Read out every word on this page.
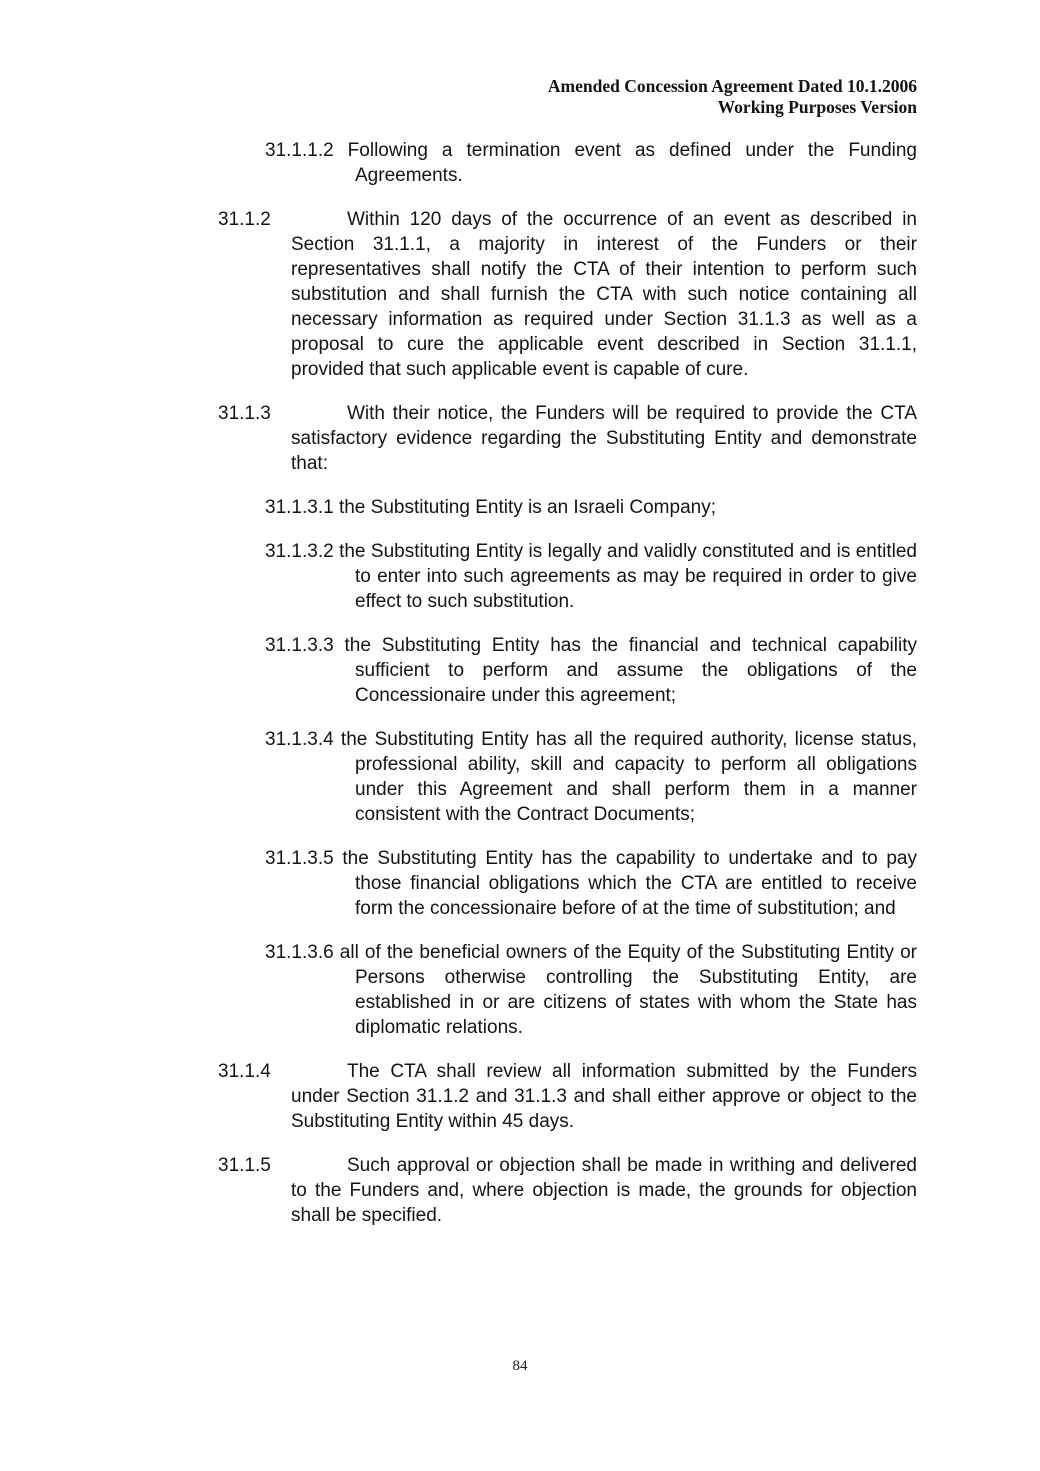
Amended Concession Agreement Dated 10.1.2006
Working Purposes Version
31.1.1.2 Following a termination event as defined under the Funding Agreements.
31.1.2	Within 120 days of the occurrence of an event as described in Section 31.1.1, a majority in interest of the Funders or their representatives shall notify the CTA of their intention to perform such substitution and shall furnish the CTA with such notice containing all necessary information as required under Section 31.1.3 as well as a proposal to cure the applicable event described in Section 31.1.1, provided that such applicable event is capable of cure.
31.1.3	With their notice, the Funders will be required to provide the CTA satisfactory evidence regarding the Substituting Entity and demonstrate that:
31.1.3.1 the Substituting Entity is an Israeli Company;
31.1.3.2 the Substituting Entity is legally and validly constituted and is entitled to enter into such agreements as may be required in order to give effect to such substitution.
31.1.3.3 the Substituting Entity has the financial and technical capability sufficient to perform and assume the obligations of the Concessionaire under this agreement;
31.1.3.4 the Substituting Entity has all the required authority, license status, professional ability, skill and capacity to perform all obligations under this Agreement and shall perform them in a manner consistent with the Contract Documents;
31.1.3.5 the Substituting Entity has the capability to undertake and to pay those financial obligations which the CTA are entitled to receive form the concessionaire before of at the time of substitution; and
31.1.3.6 all of the beneficial owners of the Equity of the Substituting Entity or Persons otherwise controlling the Substituting Entity, are established in or are citizens of states with whom the State has diplomatic relations.
31.1.4	The CTA shall review all information submitted by the Funders under Section 31.1.2 and 31.1.3 and shall either approve or object to the Substituting Entity within 45 days.
31.1.5	Such approval or objection shall be made in writhing and delivered to the Funders and, where objection is made, the grounds for objection shall be specified.
84
